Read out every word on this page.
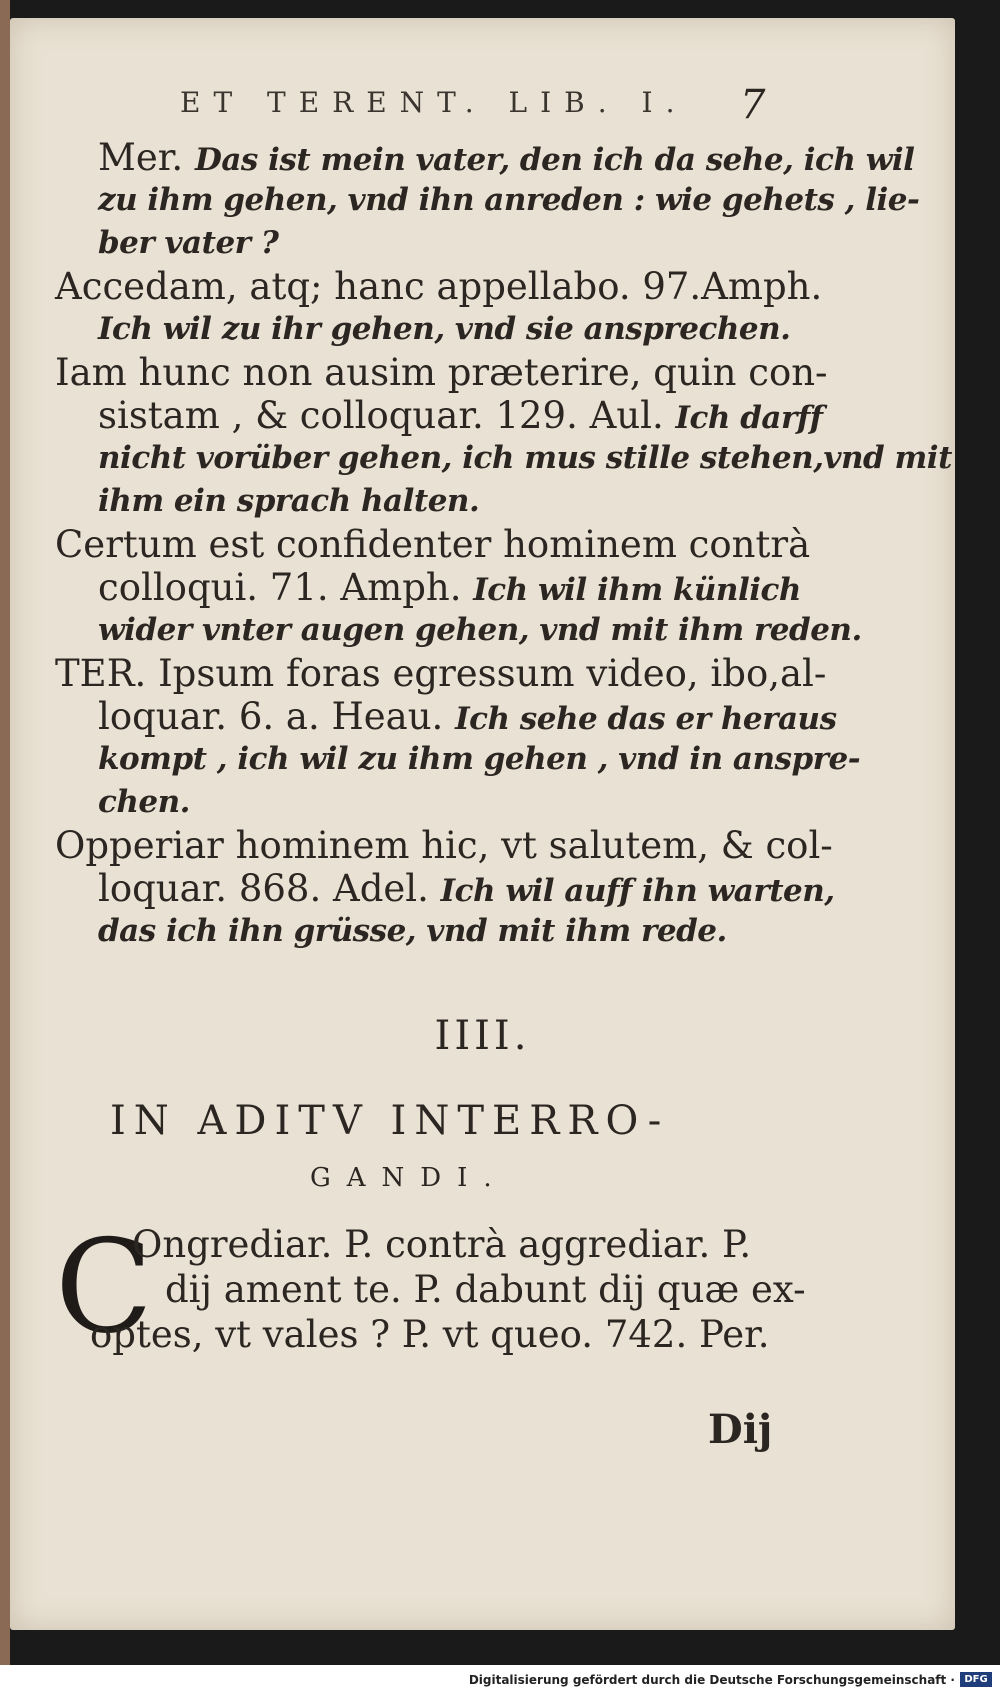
ET TERENT. LIB. I. 7
Mer. Das ist mein vater, den ich da sehe, ich wil
zu ihm gehen, vnd ihn anreden : wie gehets , lie-
ber vater ?
Accedam, atq; hanc appellabo. 97.Amph.
Ich wil zu ihr gehen, vnd sie ansprechen.
Iam hunc non ausim præterire, quin con-
sistam , & colloquar. 129. Aul. Ich darff
nicht vorüber gehen, ich mus stille stehen,vnd mit
ihm ein sprach halten.
Certum est confidenter hominem contrà
colloqui. 71. Amph. Ich wil ihm künlich
wider vnter augen gehen, vnd mit ihm reden.
TER. Ipsum foras egressum video, ibo,al-
loquar. 6. a. Heau. Ich sehe das er heraus
kompt , ich wil zu ihm gehen , vnd in anspre-
chen.
Opperiar hominem hic, vt salutem, & col-
loquar. 868. Adel. Ich wil auff ihn warten,
das ich ihn grüsse, vnd mit ihm rede.
IIII.
IN ADITV INTERRO-
GANDI.
C
Ongrediar. P. contrà aggrediar. P.
dij ament te. P. dabunt dij quæ ex-
optes, vt vales ? P. vt queo. 742. Per.
Dij
Digitalisierung gefördert durch die Deutsche Forschungsgemeinschaft · DFG
